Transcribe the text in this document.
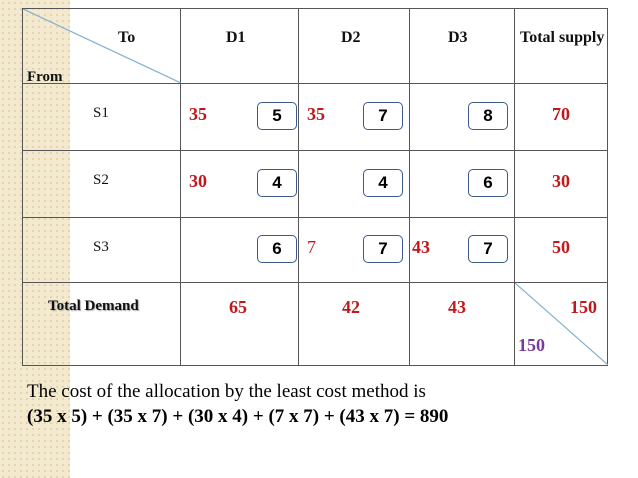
To
From	D1	D2	D3	Total supply

S1	35 5	35 7	8	70

S2	30 4	4	6	30

S3	6	7 7	43 7	50

Total Demand	65	42	43	150
150
The cost of the allocation by the least cost method is
(35 x 5) + (35 x 7) + (30 x 4) + (7 x 7) + (43 x 7) = 890
